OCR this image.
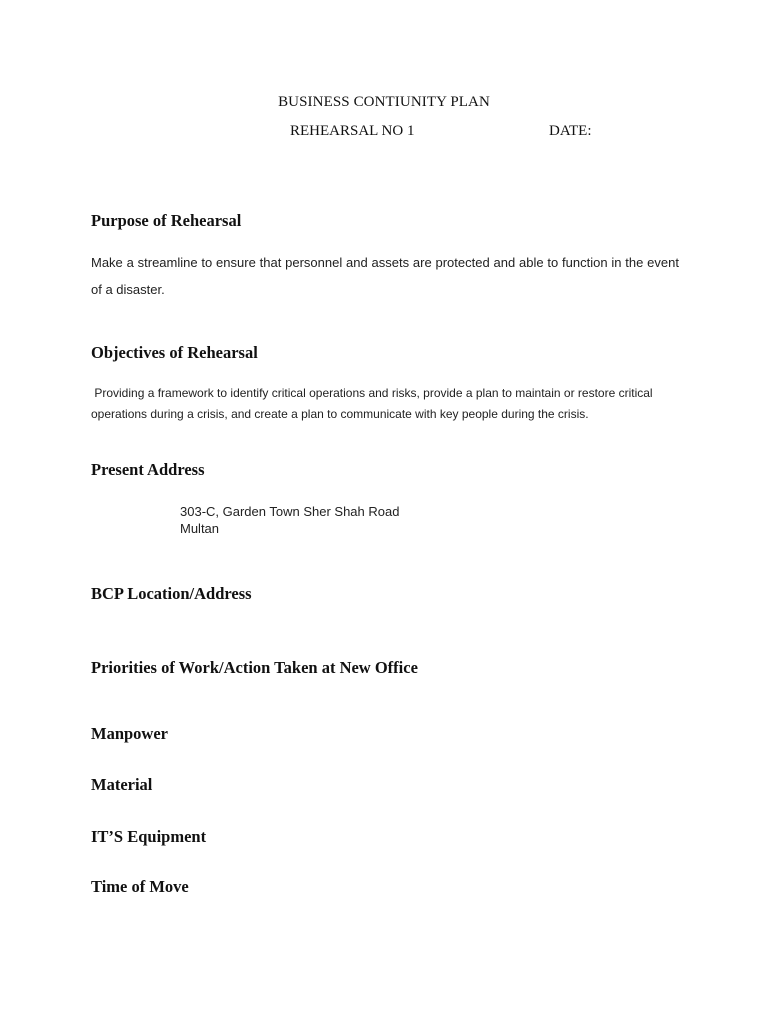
BUSINESS CONTIUNITY PLAN
REHEARSAL NO 1	DATE:
Purpose of Rehearsal
Make a streamline to ensure that personnel and assets are protected and able to function in the event of a disaster.
Objectives of Rehearsal
Providing a framework to identify critical operations and risks, provide a plan to maintain or restore critical operations during a crisis, and create a plan to communicate with key people during the crisis.
Present Address
303-C, Garden Town Sher Shah Road
Multan
BCP Location/Address
Priorities of Work/Action Taken at New Office
Manpower
Material
IT’S Equipment
Time of Move
